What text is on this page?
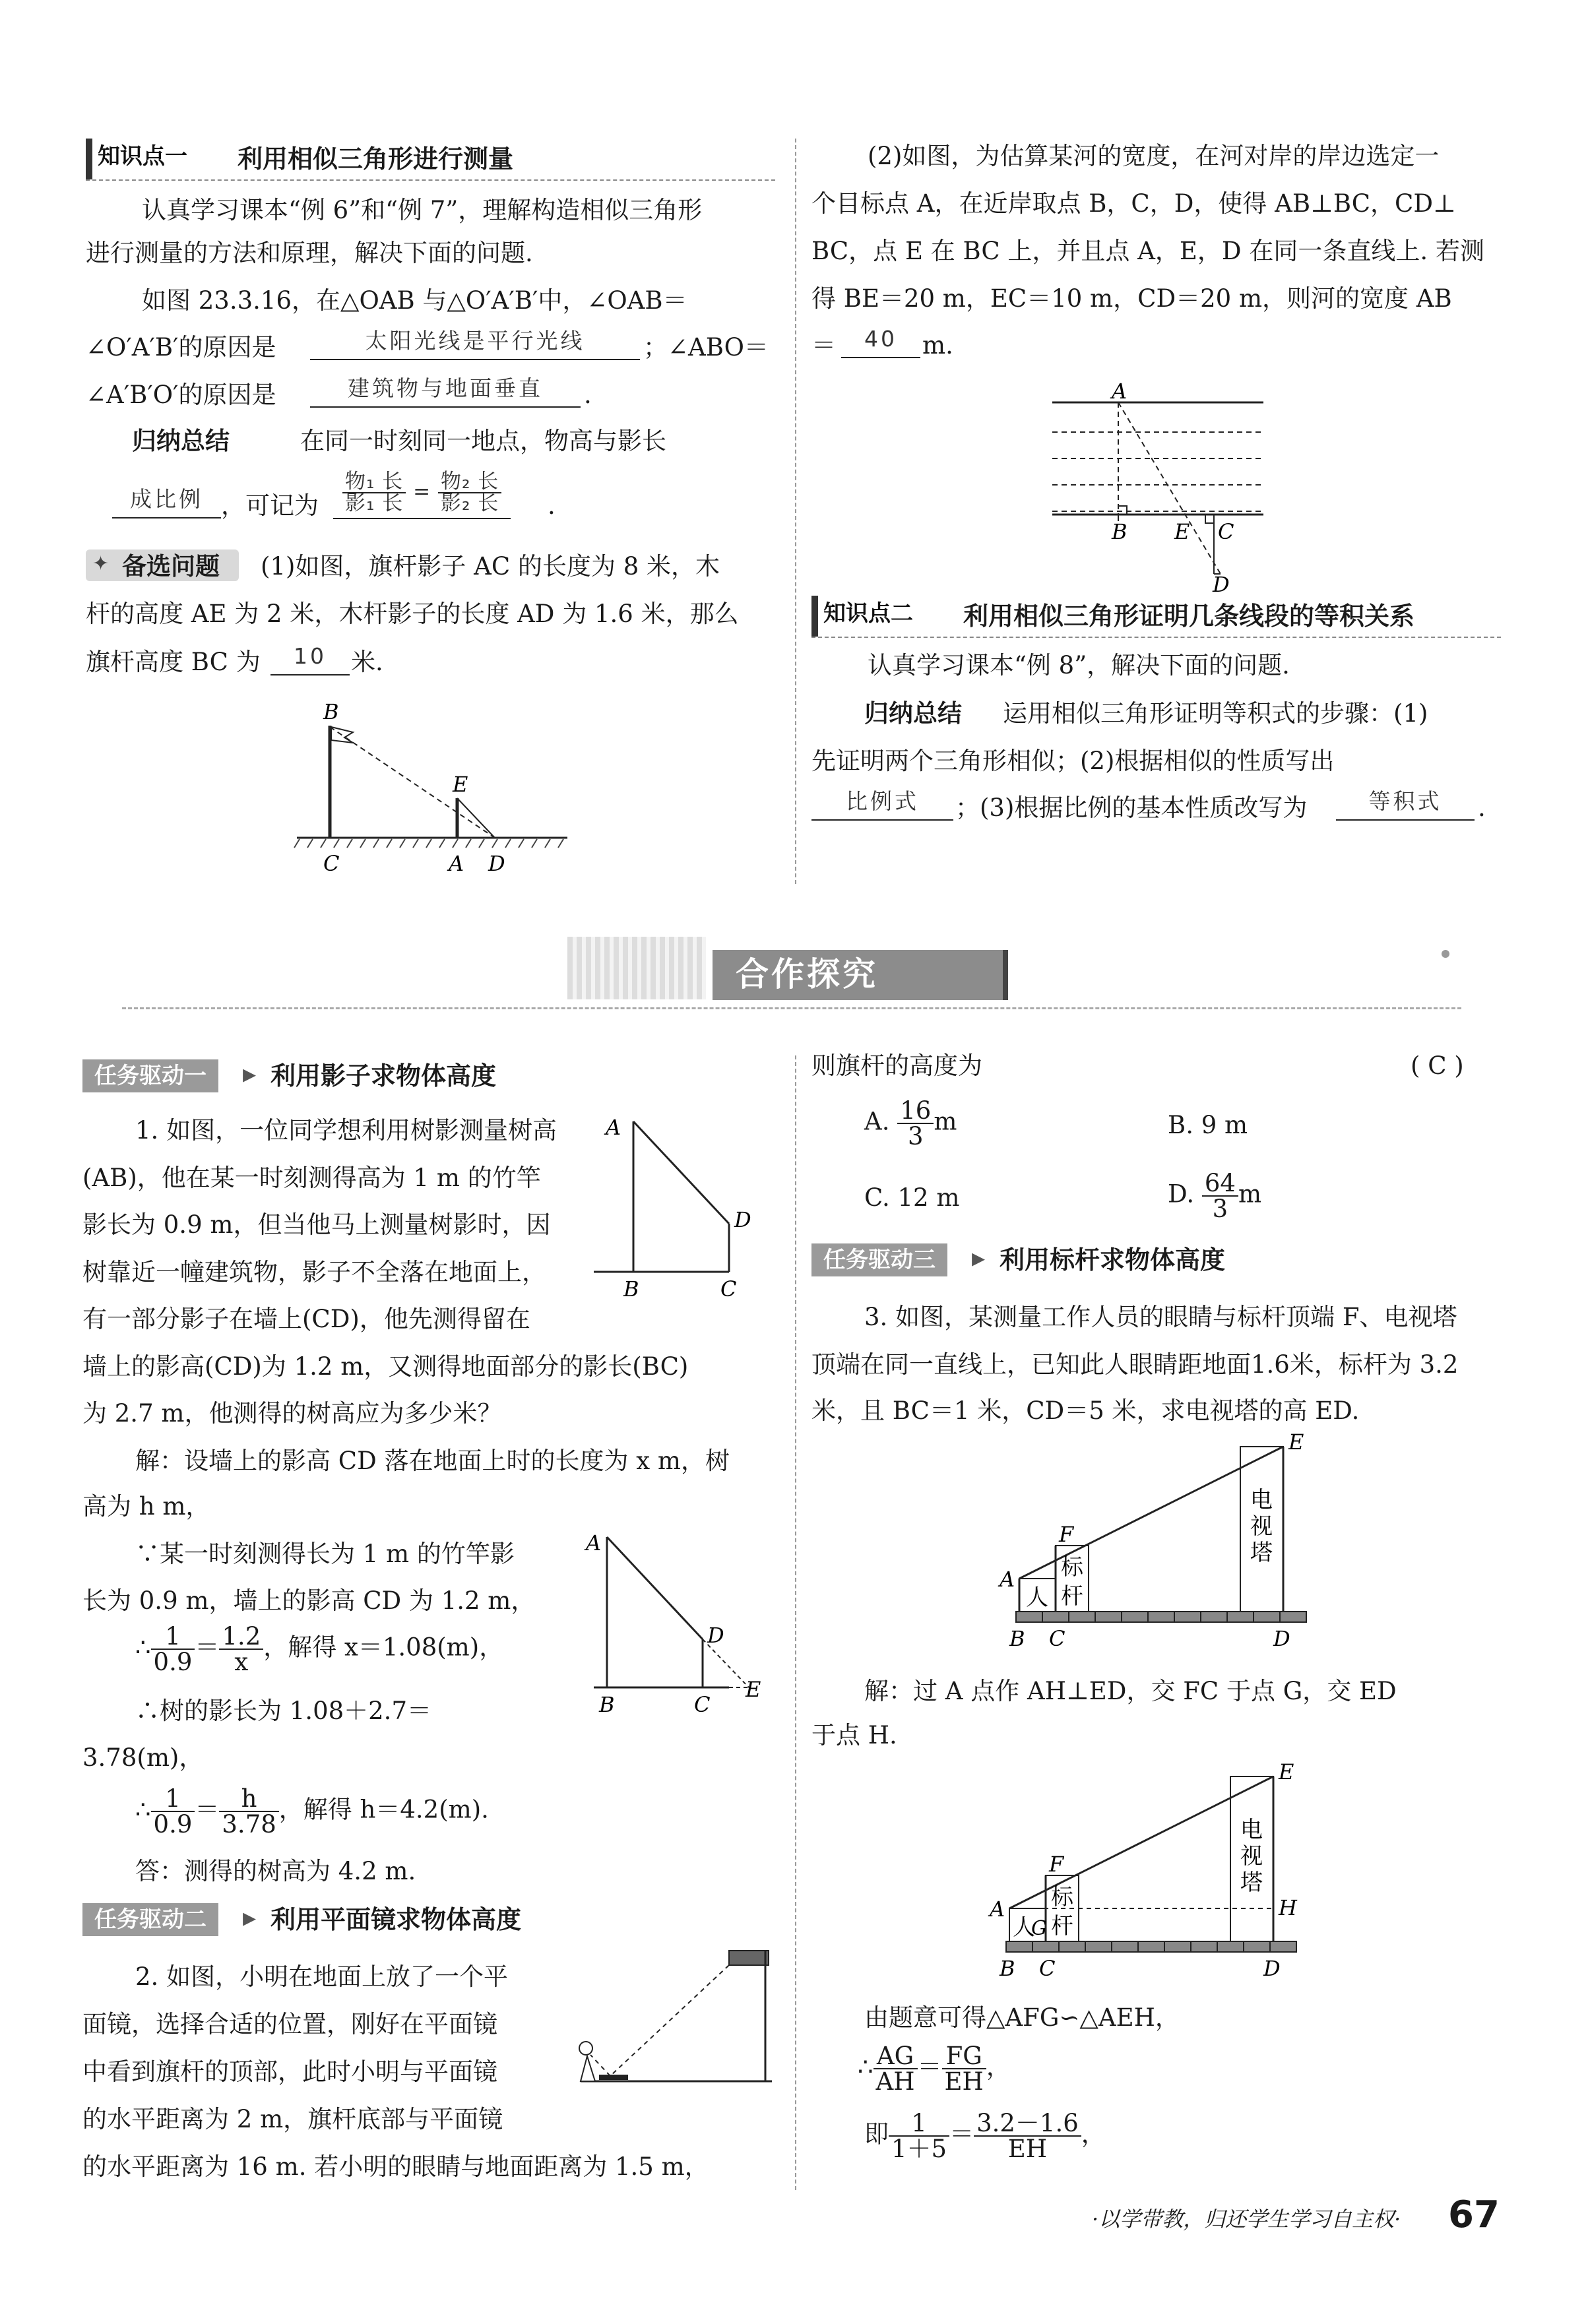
知识点一 利用相似三角形进行测量
认真学习课本“例 6”和“例 7”，理解构造相似三角形
进行测量的方法和原理，解决下面的问题.
如图 23.3.16，在△OAB 与△O′A′B′中，∠OAB＝
∠O′A′B′的原因是	太阳光线是平行光线	；∠ABO＝
∠A′B′O′的原因是	建筑物与地面垂直	.
归纳总结	在同一时刻同一地点，物高与影长
成比例 ，可记为 $\frac{\text{物₁ 长}}{\text{影₁ 长}} = \frac{\text{物₂ 长}}{\text{影₂ 长}}$ .
✦ 备选问题 (1)如图，旗杆影子 AC 的长度为 8 米，木
杆的高度 AE 为 2 米，木杆影子的长度 AD 为 1.6 米，那么
旗杆高度 BC 为	10	米.
B
E
C	A D
(2)如图，为估算某河的宽度，在河对岸的岸边选定一
个目标点 A，在近岸取点 B，C，D，使得 AB⊥BC，CD⊥
BC，点 E 在 BC 上，并且点 A，E，D 在同一条直线上. 若测
得 BE＝20 m，EC＝10 m，CD＝20 m，则河的宽度 AB
＝	40	m.
A
B E C
D
知识点二 利用相似三角形证明几条线段的等积关系
认真学习课本“例 8”，解决下面的问题.
归纳总结 运用相似三角形证明等积式的步骤：(1)
先证明两个三角形相似；(2)根据相似的性质写出
比例式	；(3)根据比例的基本性质改写为	等积式	.
合作探究
任务驱动一	▸ 利用影子求物体高度
1. 如图，一位同学想利用树影测量树高
(AB)，他在某一时刻测得高为 1 m 的竹竿
影长为 0.9 m，但当他马上测量树影时，因
树靠近一幢建筑物，影子不全落在地面上，
有一部分影子在墙上(CD)，他先测得留在
墙上的影高(CD)为 1.2 m，又测得地面部分的影长(BC)
为 2.7 m，他测得的树高应为多少米？
A
D
B	C
解：设墙上的影高 CD 落在地面上时的长度为 x m，树
高为 h m，
∵某一时刻测得长为 1 m 的竹竿影
长为 0.9 m，墙上的影高 CD 为 1.2 m，
∴ $\frac{1}{0.9} = \frac{1.2}{x}$ ，解得 x＝1.08(m)，
∴树的影长为 1.08＋2.7＝
3.78(m)，
∴ $\frac{1}{0.9} = \frac{h}{3.78}$ ，解得 h＝4.2(m).
答：测得的树高为 4.2 m.
A
D
B	C
E
任务驱动二	▸ 利用平面镜求物体高度
2. 如图，小明在地面上放了一个平
面镜，选择合适的位置，刚好在平面镜
中看到旗杆的顶部，此时小明与平面镜
的水平距离为 2 m，旗杆底部与平面镜
的水平距离为 16 m. 若小明的眼睛与地面距离为 1.5 m，
则旗杆的高度为	( C )
A. $\frac{16}{3}$ m	B. 9 m
C. 12 m	D. $\frac{64}{3}$ m
任务驱动三	▸ 利用标杆求物体高度
3. 如图，某测量工作人员的眼睛与标杆顶端 F、电视塔
顶端在同一直线上，已知此人眼睛距地面1.6米，标杆为 3.2
米，且 BC＝1 米，CD＝5 米，求电视塔的高 ED.
E
F
A
B C	D
人
标
杆
电
视
塔
解：过 A 点作 AH⊥ED，交 FC 于点 G，交 ED
于点 H.
E
F
A
G
H
B C	D
人
标
杆
电
视
塔
由题意可得△AFG∽△AEH，
∴ $\frac{AG}{AH} = \frac{FG}{EH}$ ，
即 $\frac{1}{1+5} = \frac{3.2-1.6}{EH}$ ，
·以学带教，归还学生学习自主权· 67
